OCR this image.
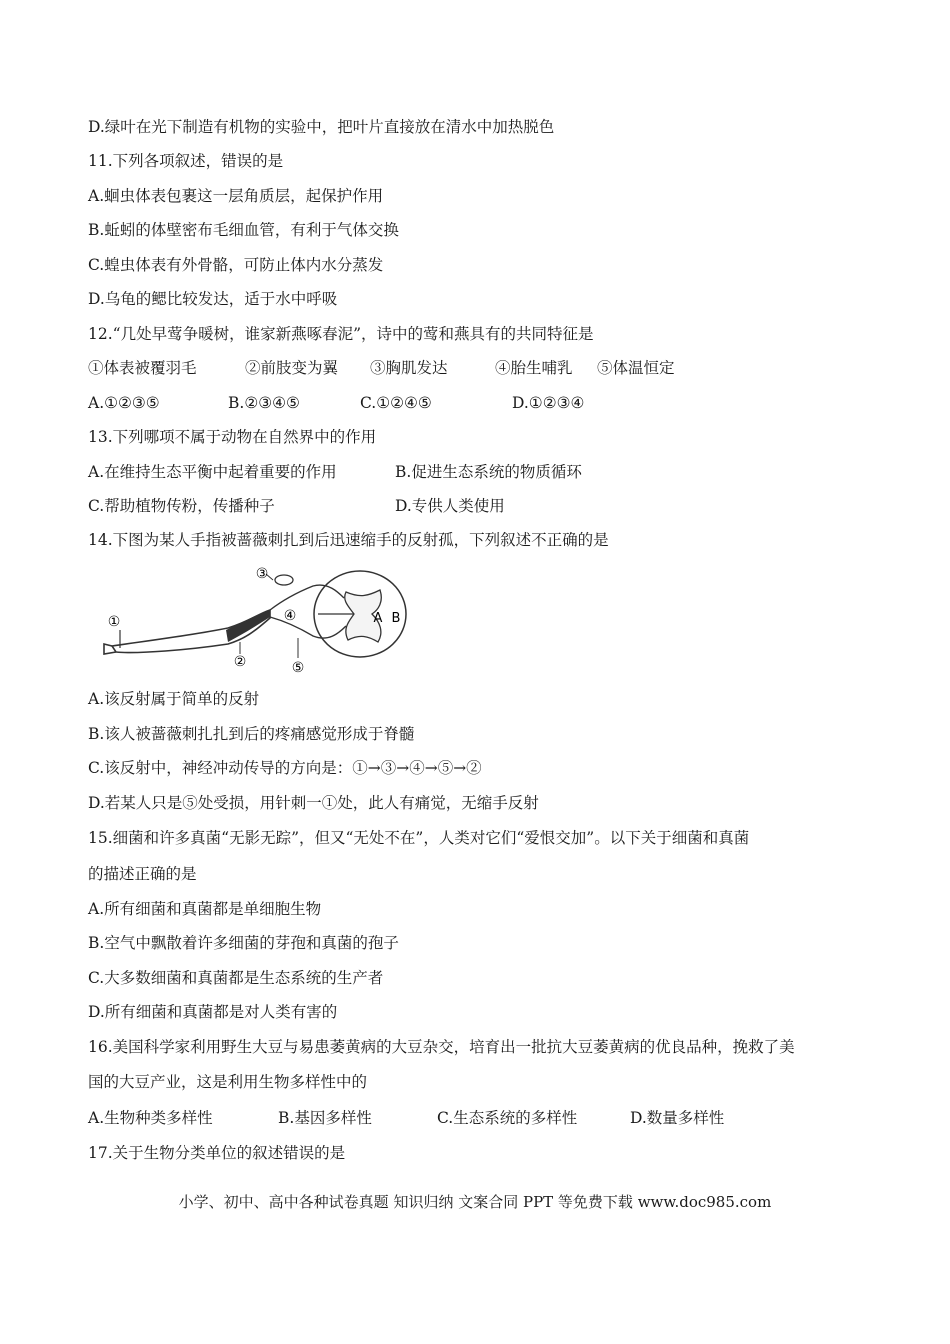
D.绿叶在光下制造有机物的实验中，把叶片直接放在清水中加热脱色
11.下列各项叙述，错误的是
A.蛔虫体表包裹这一层角质层，起保护作用
B.蚯蚓的体壁密布毛细血管，有利于气体交换
C.蝗虫体表有外骨骼，可防止体内水分蒸发
D.乌龟的鳃比较发达，适于水中呼吸
12.“几处早莺争暖树，谁家新燕啄春泥”，诗中的莺和燕具有的共同特征是
①体表被覆羽毛	②前肢变为翼 ③胸肌发达	④胎生哺乳 ⑤体温恒定
A.①②③⑤	B.②③④⑤	C.①②④⑤	D.①②③④
13.下列哪项不属于动物在自然界中的作用
A.在维持生态平衡中起着重要的作用	B.促进生态系统的物质循环
C.帮助植物传粉，传播种子	D.专供人类使用
14.下图为某人手指被蔷薇刺扎到后迅速缩手的反射孤，下列叙述不正确的是
①
②
③
④
⑤
A B
A.该反射属于简单的反射
B.该人被蔷薇刺扎扎到后的疼痛感觉形成于脊髓
C.该反射中，神经冲动传导的方向是：①→③→④→⑤→②
D.若某人只是⑤处受损，用针刺一①处，此人有痛觉，无缩手反射
15.细菌和许多真菌“无影无踪”，但又“无处不在”，人类对它们“爱恨交加”。以下关于细菌和真菌
的描述正确的是
A.所有细菌和真菌都是单细胞生物
B.空气中飘散着许多细菌的芽孢和真菌的孢子
C.大多数细菌和真菌都是生态系统的生产者
D.所有细菌和真菌都是对人类有害的
16.美国科学家利用野生大豆与易患萎黄病的大豆杂交，培育出一批抗大豆萎黄病的优良品种，挽救了美
国的大豆产业，这是利用生物多样性中的
A.生物种类多样性	B.基因多样性	C.生态系统的多样性	D.数量多样性
17.关于生物分类单位的叙述错误的是
小学、初中、高中各种试卷真题 知识归纳 文案合同 PPT 等免费下载 www.doc985.com
